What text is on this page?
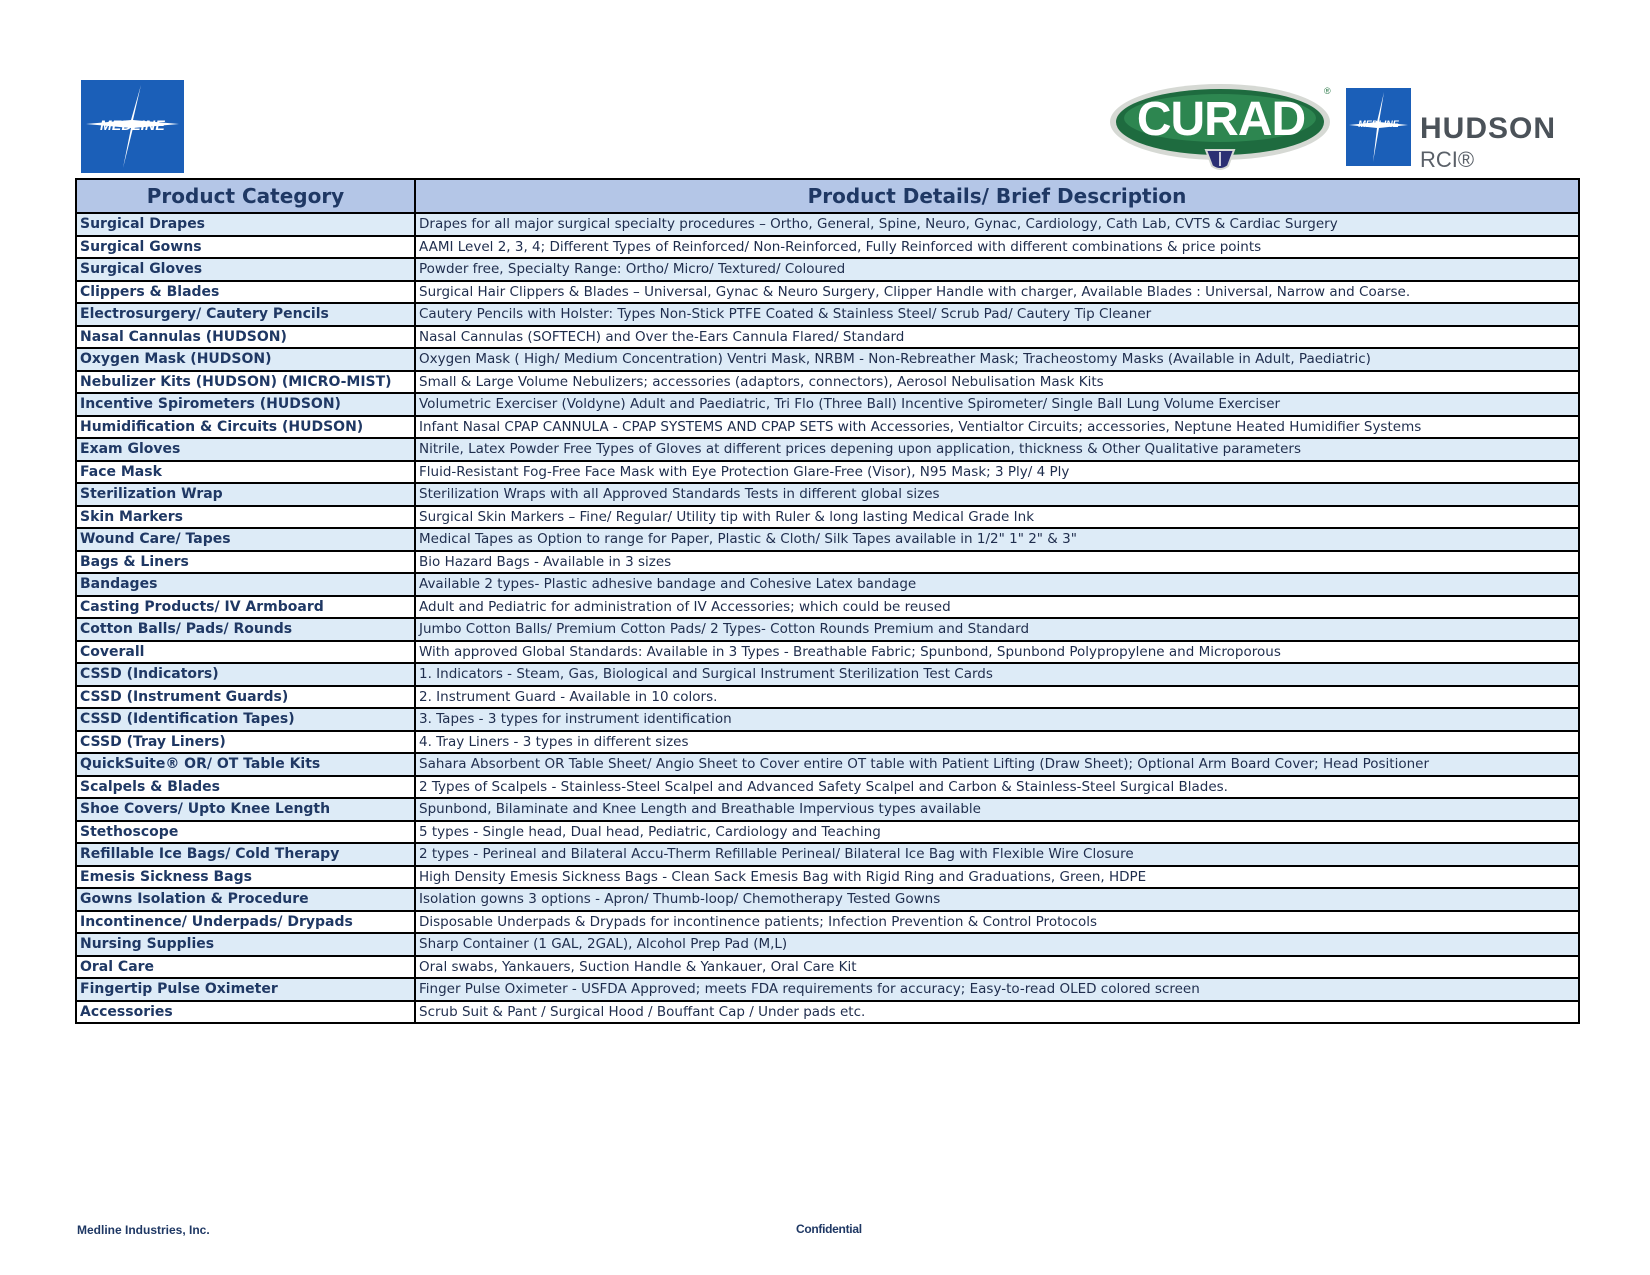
MEDLINE	CURAD
®
MEDLINE HUDSON
RCI®
Product Category	Product Details/ Brief Description
Surgical Drapes	Drapes for all major surgical specialty procedures – Ortho, General, Spine, Neuro, Gynac, Cardiology, Cath Lab, CVTS & Cardiac Surgery
Surgical Gowns	AAMI Level 2, 3, 4; Different Types of Reinforced/ Non-Reinforced, Fully Reinforced with different combinations & price points
Surgical Gloves	Powder free, Specialty Range: Ortho/ Micro/ Textured/ Coloured
Clippers & Blades	Surgical Hair Clippers & Blades – Universal, Gynac & Neuro Surgery, Clipper Handle with charger, Available Blades : Universal, Narrow and Coarse.
Electrosurgery/ Cautery Pencils	Cautery Pencils with Holster: Types Non-Stick PTFE Coated & Stainless Steel/ Scrub Pad/ Cautery Tip Cleaner
Nasal Cannulas (HUDSON)	Nasal Cannulas (SOFTECH) and Over the-Ears Cannula Flared/ Standard
Oxygen Mask (HUDSON)	Oxygen Mask ( High/ Medium Concentration) Ventri Mask, NRBM - Non-Rebreather Mask; Tracheostomy Masks (Available in Adult, Paediatric)
Nebulizer Kits (HUDSON) (MICRO-MIST)	Small & Large Volume Nebulizers; accessories (adaptors, connectors), Aerosol Nebulisation Mask Kits
Incentive Spirometers (HUDSON)	Volumetric Exerciser (Voldyne) Adult and Paediatric, Tri Flo (Three Ball) Incentive Spirometer/ Single Ball Lung Volume Exerciser
Humidification & Circuits (HUDSON)	Infant Nasal CPAP CANNULA - CPAP SYSTEMS AND CPAP SETS with Accessories, Ventialtor Circuits; accessories, Neptune Heated Humidifier Systems
Exam Gloves	Nitrile, Latex Powder Free Types of Gloves at different prices depening upon application, thickness & Other Qualitative parameters
Face Mask	Fluid-Resistant Fog-Free Face Mask with Eye Protection Glare-Free (Visor), N95 Mask; 3 Ply/ 4 Ply
Sterilization Wrap	Sterilization Wraps with all Approved Standards Tests in different global sizes
Skin Markers	Surgical Skin Markers – Fine/ Regular/ Utility tip with Ruler & long lasting Medical Grade Ink
Wound Care/ Tapes	Medical Tapes as Option to range for Paper, Plastic & Cloth/ Silk Tapes available in 1/2" 1" 2" & 3"
Bags & Liners	Bio Hazard Bags - Available in 3 sizes
Bandages	Available 2 types- Plastic adhesive bandage and Cohesive Latex bandage
Casting Products/ IV Armboard	Adult and Pediatric for administration of IV Accessories; which could be reused
Cotton Balls/ Pads/ Rounds	Jumbo Cotton Balls/ Premium Cotton Pads/ 2 Types- Cotton Rounds Premium and Standard
Coverall	With approved Global Standards: Available in 3 Types - Breathable Fabric; Spunbond, Spunbond Polypropylene and Microporous
CSSD (Indicators)	1. Indicators - Steam, Gas, Biological and Surgical Instrument Sterilization Test Cards
CSSD (Instrument Guards)	2. Instrument Guard - Available in 10 colors.
CSSD (Identification Tapes)	3. Tapes - 3 types for instrument identification
CSSD (Tray Liners)	4. Tray Liners - 3 types in different sizes
QuickSuite® OR/ OT Table Kits	Sahara Absorbent OR Table Sheet/ Angio Sheet to Cover entire OT table with Patient Lifting (Draw Sheet); Optional Arm Board Cover; Head Positioner
Scalpels & Blades	2 Types of Scalpels - Stainless-Steel Scalpel and Advanced Safety Scalpel and Carbon & Stainless-Steel Surgical Blades.
Shoe Covers/ Upto Knee Length	Spunbond, Bilaminate and Knee Length and Breathable Impervious types available
Stethoscope	5 types - Single head, Dual head, Pediatric, Cardiology and Teaching
Refillable Ice Bags/ Cold Therapy	2 types - Perineal and Bilateral Accu-Therm Refillable Perineal/ Bilateral Ice Bag with Flexible Wire Closure
Emesis Sickness Bags	High Density Emesis Sickness Bags - Clean Sack Emesis Bag with Rigid Ring and Graduations, Green, HDPE
Gowns Isolation & Procedure	Isolation gowns 3 options - Apron/ Thumb-loop/ Chemotherapy Tested Gowns
Incontinence/ Underpads/ Drypads	Disposable Underpads & Drypads for incontinence patients; Infection Prevention & Control Protocols
Nursing Supplies	Sharp Container (1 GAL, 2GAL), Alcohol Prep Pad (M,L)
Oral Care	Oral swabs, Yankauers, Suction Handle & Yankauer, Oral Care Kit
Fingertip Pulse Oximeter	Finger Pulse Oximeter - USFDA Approved; meets FDA requirements for accuracy; Easy-to-read OLED colored screen
Accessories	Scrub Suit & Pant / Surgical Hood / Bouffant Cap / Under pads etc.
Medline Industries, Inc.	Confidential
